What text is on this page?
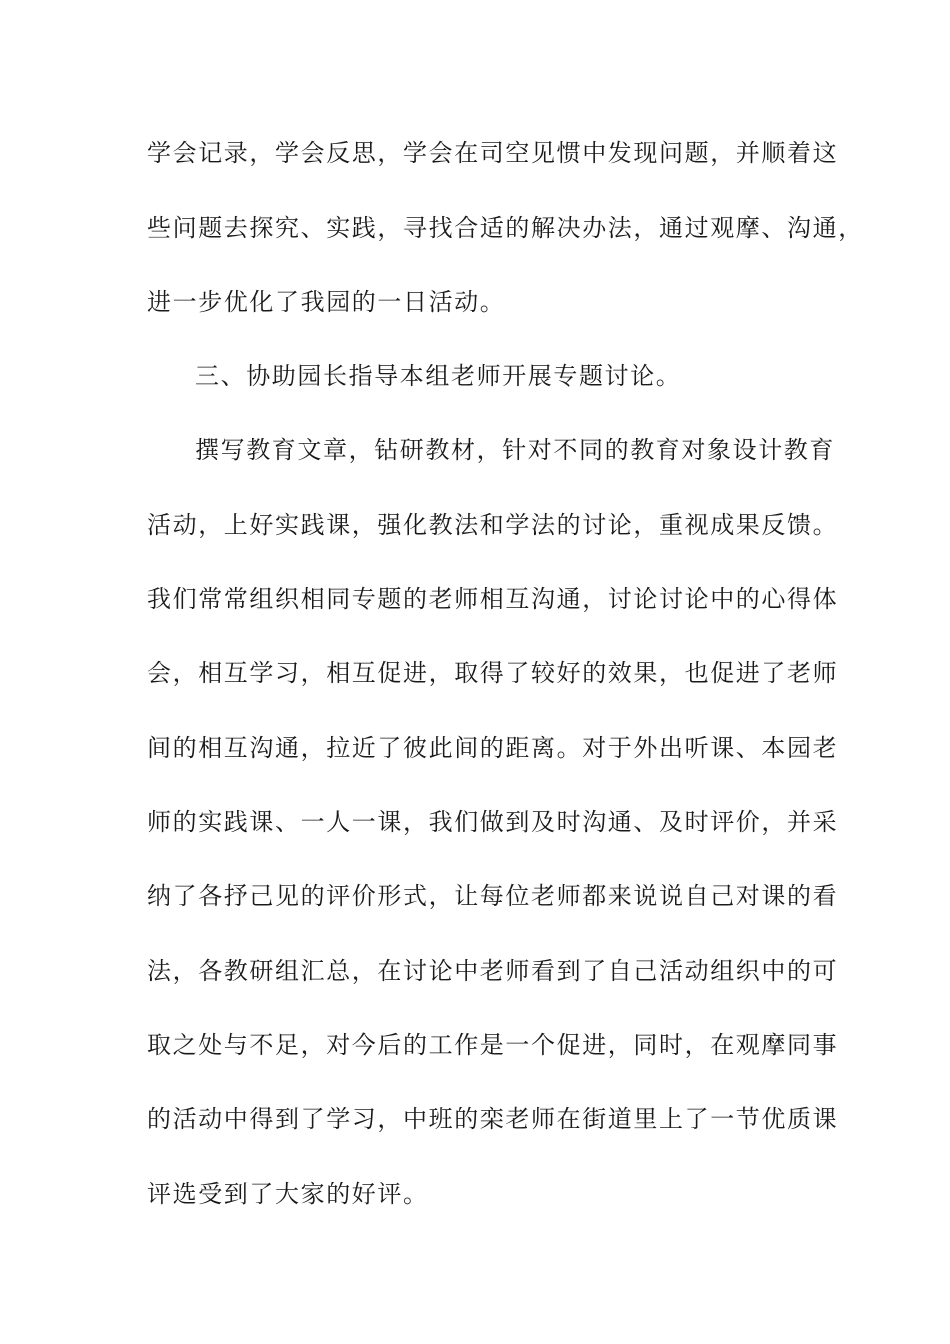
学会记录，学会反思，学会在司空见惯中发现问题，并顺着这
些问题去探究、实践，寻找合适的解决办法，通过观摩、沟通，
进一步优化了我园的一日活动。
三、协助园长指导本组老师开展专题讨论。
撰写教育文章，钻研教材，针对不同的教育对象设计教育
活动，上好实践课，强化教法和学法的讨论，重视成果反馈。
我们常常组织相同专题的老师相互沟通，讨论讨论中的心得体
会，相互学习，相互促进，取得了较好的效果，也促进了老师
间的相互沟通，拉近了彼此间的距离。对于外出听课、本园老
师的实践课、一人一课，我们做到及时沟通、及时评价，并采
纳了各抒己见的评价形式，让每位老师都来说说自己对课的看
法，各教研组汇总，在讨论中老师看到了自己活动组织中的可
取之处与不足，对今后的工作是一个促进，同时，在观摩同事
的活动中得到了学习，中班的栾老师在街道里上了一节优质课
评选受到了大家的好评。
